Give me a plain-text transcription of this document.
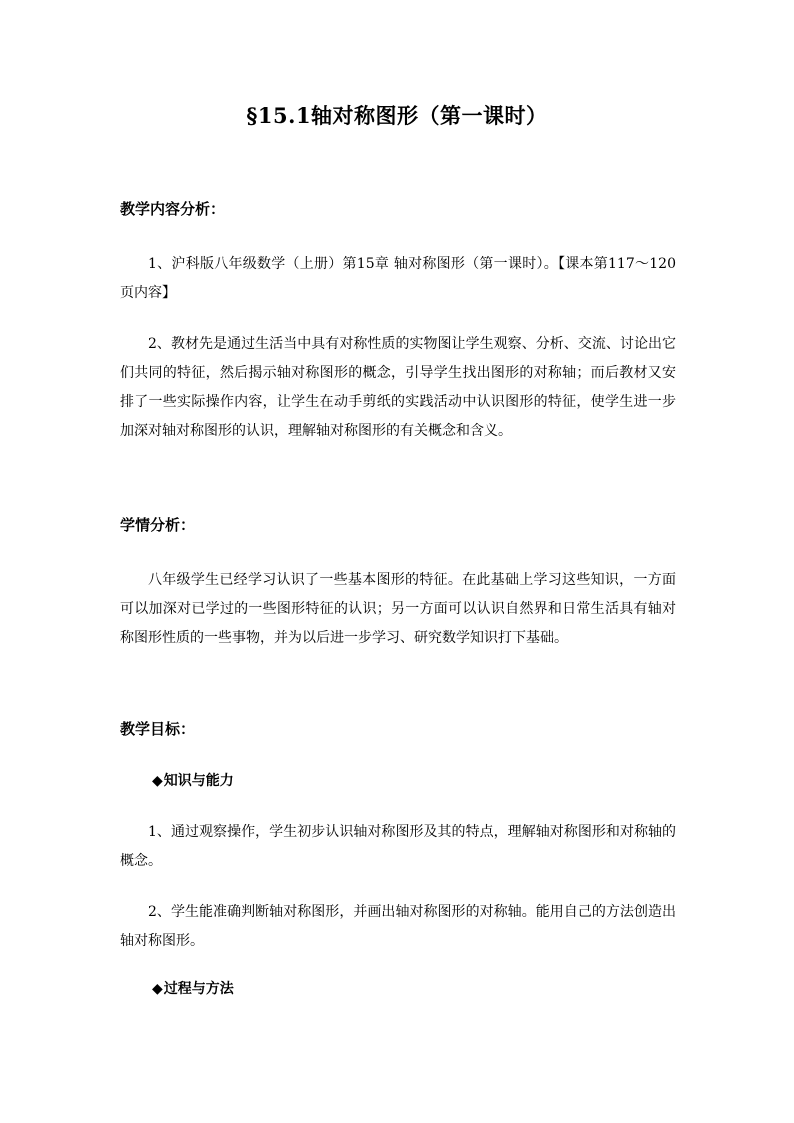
§15.1轴对称图形（第一课时）
教学内容分析：
1、沪科版八年级数学（上册）第15章 轴对称图形（第一课时）。【课本第117～120页内容】
2、教材先是通过生活当中具有对称性质的实物图让学生观察、分析、交流、讨论出它们共同的特征，然后揭示轴对称图形的概念，引导学生找出图形的对称轴；而后教材又安排了一些实际操作内容，让学生在动手剪纸的实践活动中认识图形的特征，使学生进一步加深对轴对称图形的认识，理解轴对称图形的有关概念和含义。
学情分析：
八年级学生已经学习认识了一些基本图形的特征。在此基础上学习这些知识，一方面可以加深对已学过的一些图形特征的认识；另一方面可以认识自然界和日常生活具有轴对称图形性质的一些事物，并为以后进一步学习、研究数学知识打下基础。
教学目标：
◆知识与能力
1、通过观察操作，学生初步认识轴对称图形及其的特点，理解轴对称图形和对称轴的概念。
2、学生能准确判断轴对称图形，并画出轴对称图形的对称轴。能用自己的方法创造出轴对称图形。
◆过程与方法
